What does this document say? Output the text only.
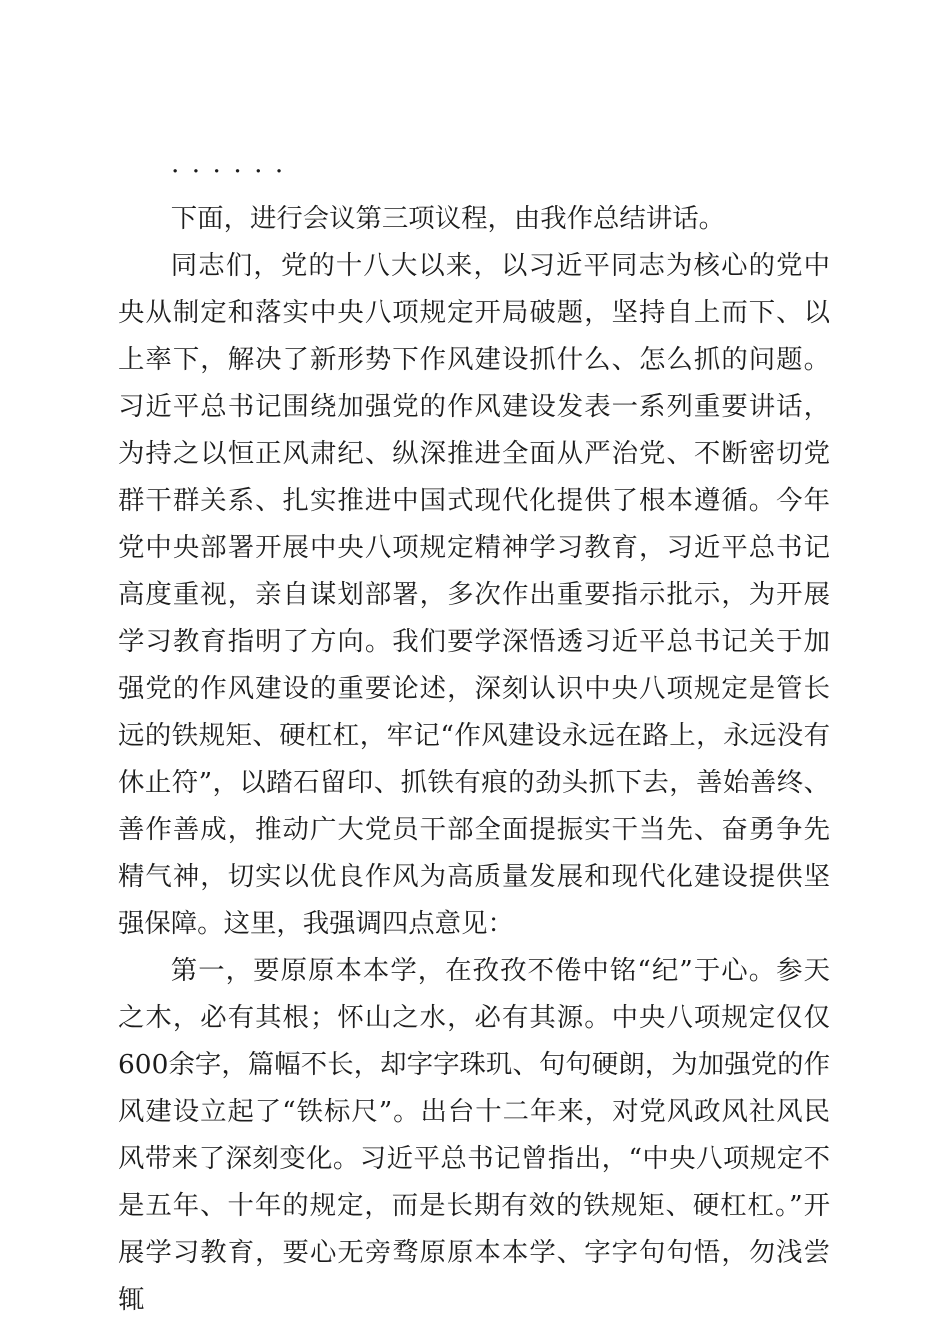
· · · · · ·

下面，进行会议第三项议程，由我作总结讲话。

同志们，党的十八大以来，以习近平同志为核心的党中央从制定和落实中央八项规定开局破题，坚持自上而下、以上率下，解决了新形势下作风建设抓什么、怎么抓的问题。习近平总书记围绕加强党的作风建设发表一系列重要讲话，为持之以恒正风肃纪、纵深推进全面从严治党、不断密切党群干群关系、扎实推进中国式现代化提供了根本遵循。今年党中央部署开展中央八项规定精神学习教育，习近平总书记高度重视，亲自谋划部署，多次作出重要指示批示，为开展学习教育指明了方向。我们要学深悟透习近平总书记关于加强党的作风建设的重要论述，深刻认识中央八项规定是管长远的铁规矩、硬杠杠，牢记“作风建设永远在路上，永远没有休止符”，以踏石留印、抓铁有痕的劲头抓下去，善始善终、善作善成，推动广大党员干部全面提振实干当先、奋勇争先精气神，切实以优良作风为高质量发展和现代化建设提供坚强保障。这里，我强调四点意见：

第一，要原原本本学，在孜孜不倦中铭“纪”于心。参天之木，必有其根；怀山之水，必有其源。中央八项规定仅仅600余字，篇幅不长，却字字珠玑、句句硬朗，为加强党的作风建设立起了“铁标尺”。出台十二年来，对党风政风社风民风带来了深刻变化。习近平总书记曾指出，“中央八项规定不是五年、十年的规定，而是长期有效的铁规矩、硬杠杠。”开展学习教育，要心无旁骛原原本本学、字字句句悟，勿浅尝辄
